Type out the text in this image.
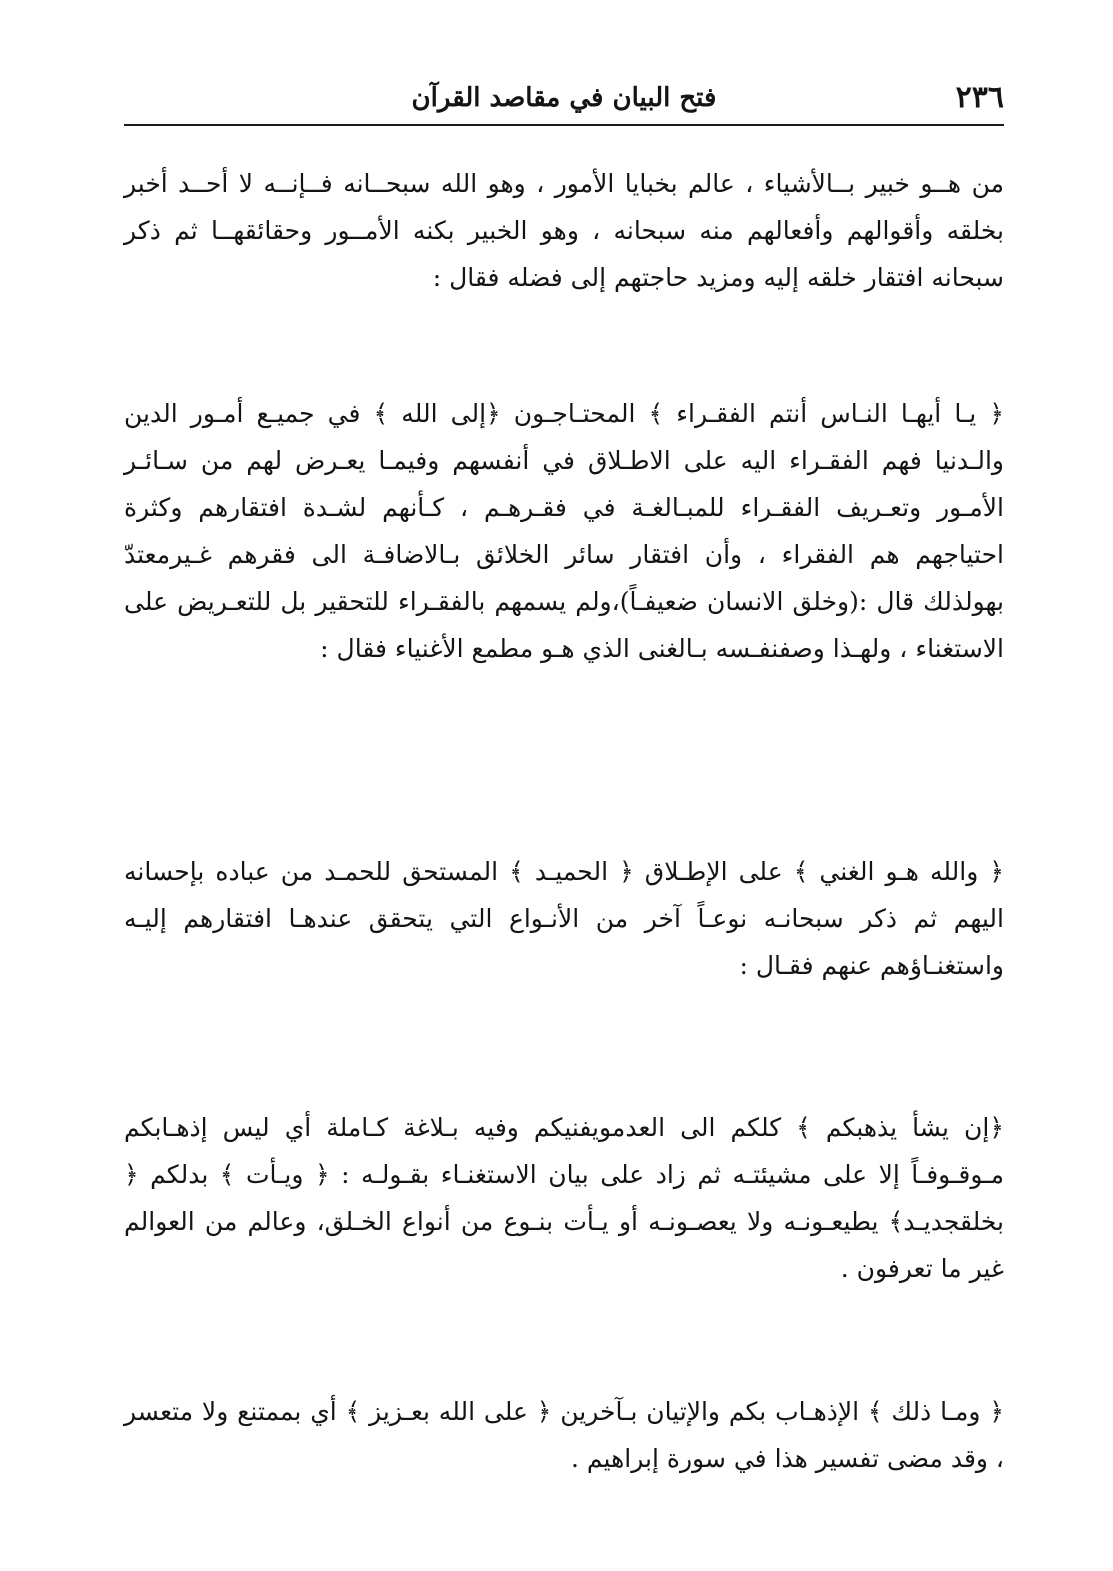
٢٣٦
فتح البيان في مقاصد القرآن

من هــو خبير بــالأشياء ، عالم بخبايا الأمور ، وهو الله سبحــانه فــإنــه لا أحــد أخبر بخلقه وأقوالهم وأفعالهم منه سبحانه ، وهو الخبير بكنه الأمــور وحقائقهــا ثم ذكر سبحانه افتقار خلقه إليه ومزيد حاجتهم إلى فضله فقال :

﴿ يـا أيهـا النـاس أنتم الفقـراء ﴾ المحتـاجـون ﴿إلى الله ﴾ في جميـع أمـور الدين والـدنيا فهم الفقـراء اليه على الاطـلاق في أنفسهم وفيمـا يعـرض لهم من سـائـر الأمـور وتعـريف الفقـراء للمبـالغـة في فقـرهـم ، كـأنهم لشـدة افتقارهم وكثرة احتياجهم هم الفقراء ، وأن افتقار سائر الخلائق بـالاضافـة الى فقرهم غـيرمعتدّ بهولذلك قال :(وخلق الانسان ضعيفـاً)،ولم يسمهم بالفقـراء للتحقير بل للتعـريض على الاستغناء ، ولهـذا وصفنفـسه بـالغنى الذي هـو مطمع الأغنياء فقال :

﴿ والله هـو الغني ﴾ على الإطـلاق ﴿ الحميـد ﴾ المستحق للحمـد من عباده بإحسانه اليهم ثم ذكر سبحانـه نوعـاً آخر من الأنـواع التي يتحقق عندهـا افتقارهم إليـه واستغنـاؤهم عنهم فقـال :

﴿إن يشأ يذهبكم ﴾ كلكم الى العدمويفنيكم وفيه بـلاغة كـاملة أي ليس إذهـابكم مـوقـوفـاً إلا على مشيئتـه ثم زاد على بيان الاستغنـاء بقـولـه : ﴿ ويـأت ﴾ بدلكم ﴿ بخلقجديـد﴾ يطيعـونـه ولا يعصـونـه أو يـأت بنـوع من أنواع الخـلق، وعالم من العوالم غير ما تعرفون .

﴿ ومـا ذلك ﴾ الإذهـاب بكم والإتيان بـآخرين ﴿ على الله بعـزيز ﴾ أي بممتنع ولا متعسر ، وقد مضى تفسير هذا في سورة إبراهيم .
